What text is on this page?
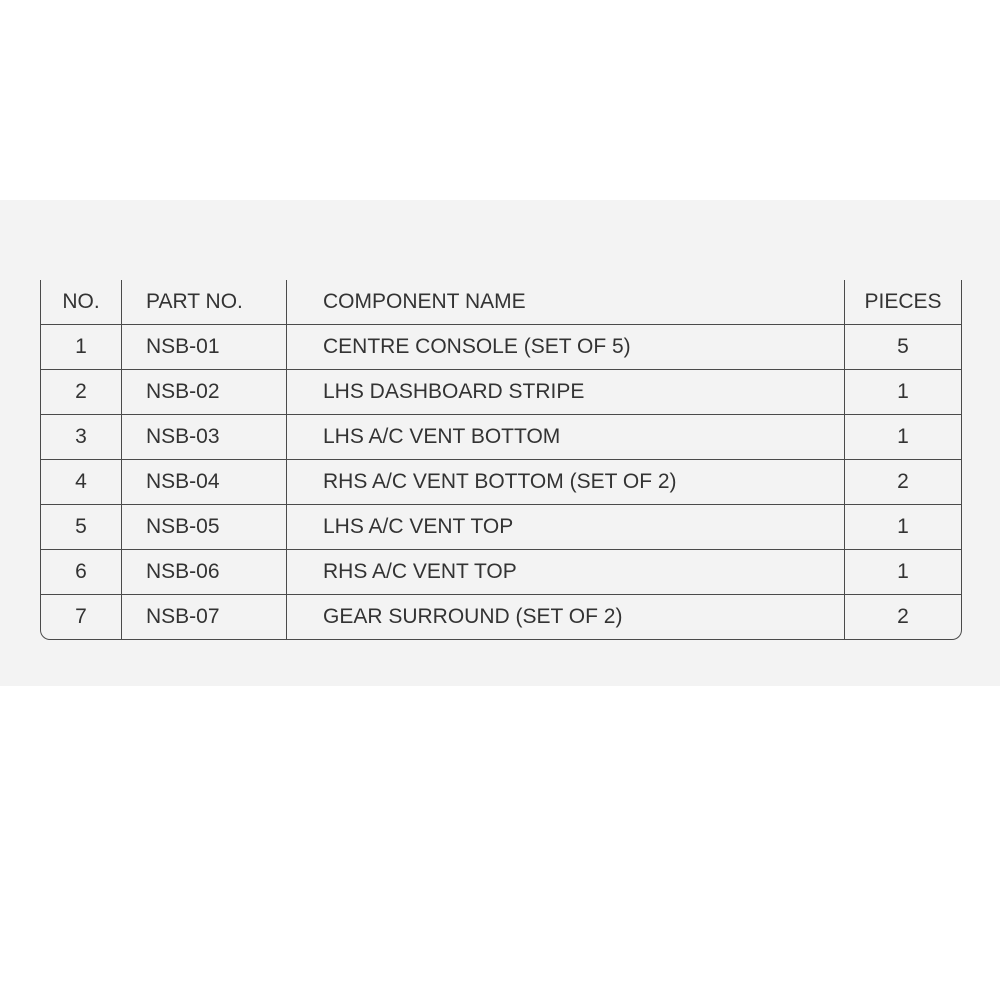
NO.	PART NO.	COMPONENT NAME	PIECES
1	NSB-01	CENTRE CONSOLE (SET OF 5)	5
2	NSB-02	LHS DASHBOARD STRIPE	1
3	NSB-03	LHS A/C VENT BOTTOM	1
4	NSB-04	RHS A/C VENT BOTTOM (SET OF 2)	2
5	NSB-05	LHS A/C VENT TOP	1
6	NSB-06	RHS A/C VENT TOP	1
7	NSB-07	GEAR SURROUND (SET OF 2)	2
